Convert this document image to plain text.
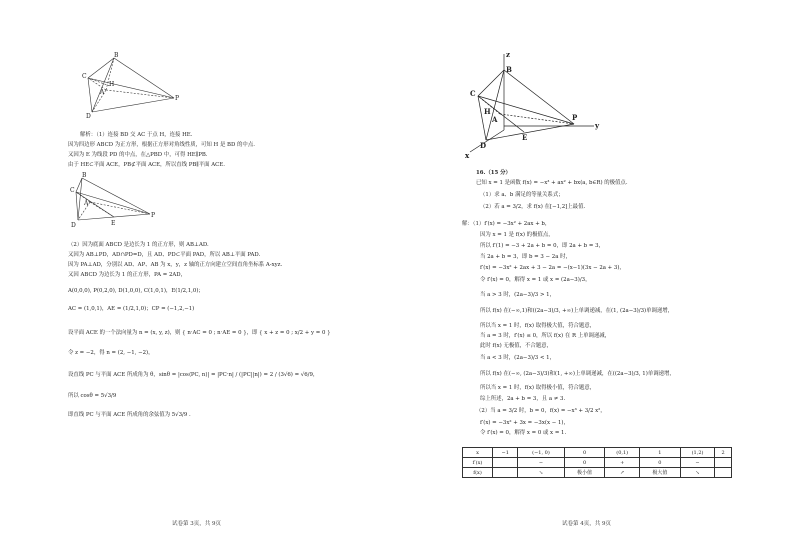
B
C
A
H
D
P
解析：（1）连接 BD 交 AC 于点 H，连接 HE.
因为四边形 ABCD 为正方形，根据正方形对角线性质，可知 H 是 BD 的中点.
又因为 E 为线段 PD 的中点，在△PBD 中，可得 HE∥PB.
由于 HE⊂平面 ACE，PB⊄平面 ACE，所以直线 PB∥平面 ACE.
B
C
A
D	E
P
（2）因为底面 ABCD 是边长为 1 的正方形，则 AB⊥AD.
又因为 AB⊥PD，AD∩PD=D，且 AD、PD⊂平面 PAD，所以 AB⊥平面 PAD.
因为 PA⊥AD，分别以 AD、AP、AB 为 x，y，z 轴的正方向建立空间直角坐标系 A-xyz.
又因 ABCD 为边长为 1 的正方形，PA = 2AD，
A(0,0,0), P(0,2,0), D(1,0,0), C(1,0,1)，E(1/2,1,0)；
AC = (1,0,1)，AE = (1/2,1,0)；CP = (−1,2,−1)
设平面 ACE 的一个法向量为 n = (x, y, z)，则 { n·AC = 0 ; n·AE = 0 }，即 { x + z = 0 ; x/2 + y = 0 }
令 z = −2，得 n = (2, −1, −2)，
设直线 PC 与平面 ACE 所成角为 θ，sinθ = |cos⟨PC, n⟩| = |PC·n| / (|PC||n|) = 2 / (3√6) = √6/9，
所以 cosθ = 5√3/9
即直线 PC 与平面 ACE 所成角的余弦值为 5√3/9 .
试卷第 3页，共 9页
z
B
H
A
C
E
P
D
y
x
16.（15 分）
已知 x = 1 是函数 f(x) = −x³ + ax² + bx(a, b∈R) 的极值点.
（1）求 a、b 满足的等量关系式；
（2）若 a = 3/2，求 f(x) 在[−1,2]上最值.
解：（1）f′(x) = −3x² + 2ax + b，
因为 x = 1 是 f(x) 的极值点，
所以 f′(1) = −3 + 2a + b = 0，即 2a + b = 3，
当 2a + b = 3，即 b = 3 − 2a 时，
f′(x) = −3x² + 2ax + 3 − 2a = −(x−1)(3x − 2a + 3)，
令 f′(x) = 0，解得 x = 1 或 x = (2a−3)/3，
当 a > 3 时，(2a−3)/3 > 1，
所以 f(x) 在(−∞,1)和((2a−3)/3, +∞)上单调递减，在(1, (2a−3)/3)单调递增，
所以当 x = 1 时，f(x) 取得极大值，符合题意，
当 a = 3 时，f′(x) ≤ 0，所以 f(x) 在 R 上单调递减，
此时 f(x) 无极值，不合题意，
当 a < 3 时，(2a−3)/3 < 1，
所以 f(x) 在(−∞, (2a−3)/3)和(1, +∞)上单调递减，在((2a−3)/3, 1)单调递增，
所以当 x = 1 时，f(x) 取得极小值，符合题意，
综上所述，2a + b = 3，且 a ≠ 3.
（2）当 a = 3/2 时，b = 0，f(x) = −x³ + 3/2 x²，
f′(x) = −3x² + 3x = −3x(x − 1)，
令 f′(x) = 0，解得 x = 0 或 x = 1.
x	−1	(−1, 0)	0	(0,1)	1	(1,2)	2
f′(x)		−	0	+	0	−	
f(x)		↘	极小值	↗	极大值	↘	
试卷第 4页，共 9页
